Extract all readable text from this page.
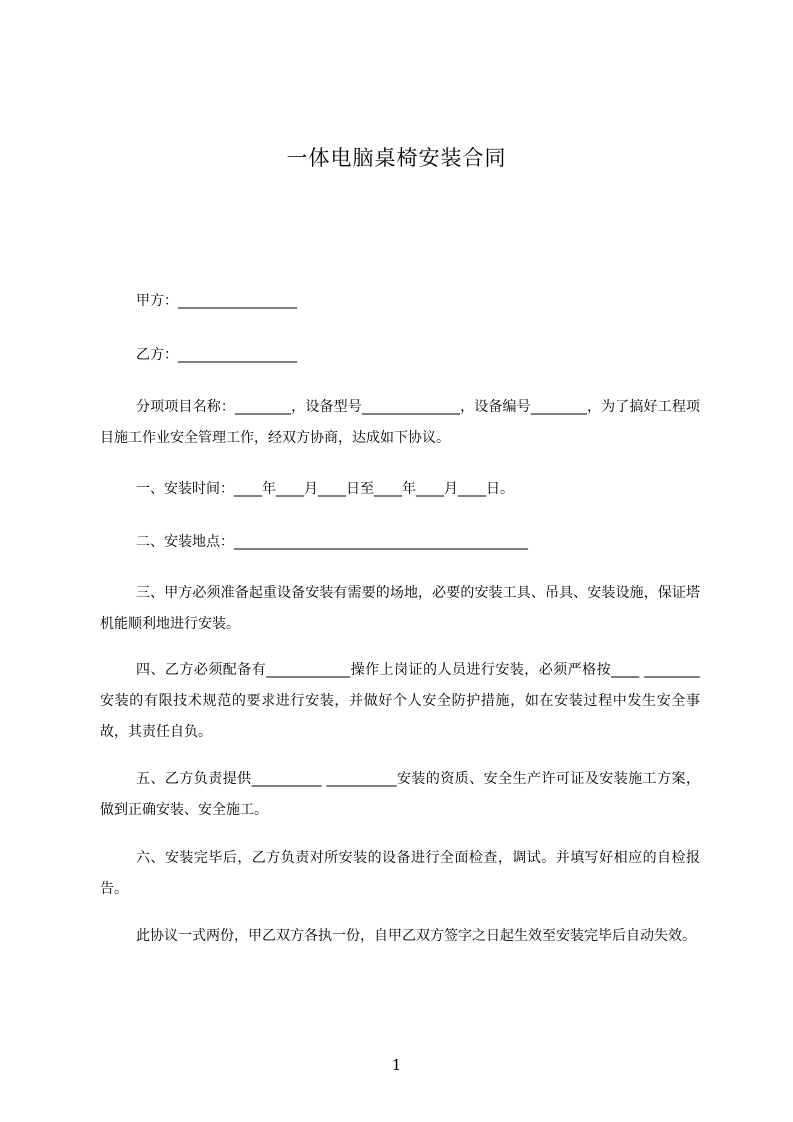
一体电脑桌椅安装合同
甲方：_________________
乙方：_________________
分项项目名称：________，设备型号______________，设备编号________，为了搞好工程项目施工作业安全管理工作，经双方协商，达成如下协议。
一、安装时间：____年____月____日至____年____月____日。
二、安装地点：__________________________________________
三、甲方必须准备起重设备安装有需要的场地，必要的安装工具、吊具、安装设施，保证塔机能顺利地进行安装。
四、乙方必须配备有____________操作上岗证的人员进行安装，必须严格按____ ________安装的有限技术规范的要求进行安装，并做好个人安全防护措施，如在安装过程中发生安全事故，其责任自负。
五、乙方负责提供__________ __________安装的资质、安全生产许可证及安装施工方案，做到正确安装、安全施工。
六、安装完毕后，乙方负责对所安装的设备进行全面检查，调试。并填写好相应的自检报告。
此协议一式两份，甲乙双方各执一份，自甲乙双方签字之日起生效至安装完毕后自动失效。
1
